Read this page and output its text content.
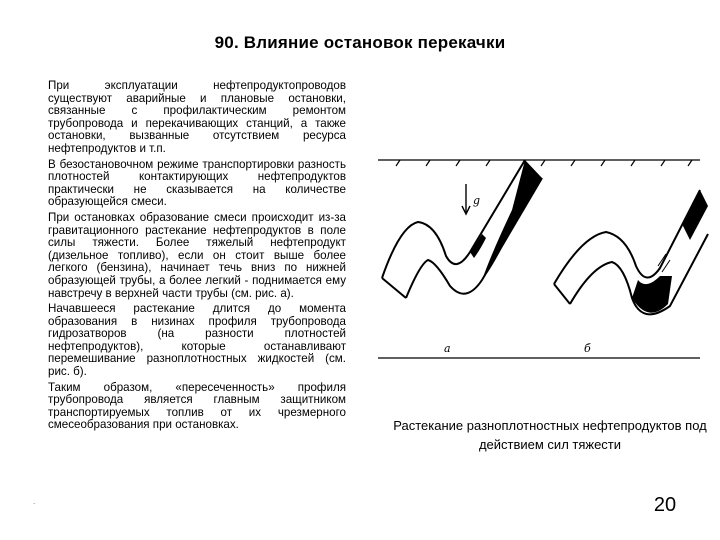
90. Влияние остановок перекачки

При эксплуатации нефтепродуктопроводов существуют аварийные и плановые остановки, связанные с профилактическим ремонтом трубопровода и перекачивающих станций, а также остановки, вызванные отсутствием ресурса нефтепродуктов и т.п.

В безостановочном режиме транспортировки разность плотностей контактирующих нефтепродуктов практически не сказывается на количестве образующейся смеси.

При остановках образование смеси происходит из-за гравитационного растекание нефтепродуктов в поле силы тяжести. Более тяжелый нефтепродукт (дизельное топливо), если он стоит выше более легкого (бензина), начинает течь вниз по нижней образующей трубы, а более легкий - поднимается ему навстречу в верхней части трубы (см. рис. а).

Начавшееся растекание длится до момента образования в низинах профиля трубопровода гидрозатворов (на разности плотностей нефтепродуктов), которые останавливают перемешивание разноплотностных жидкостей (см. рис. б).

Таким образом, «пересеченность» профиля трубопровода является главным защитником транспортируемых топлив от их чрезмерного смесеобразования при остановках.

.
g
а	б
Растекание разноплотностных нефтепродуктов под действием сил тяжести
20
